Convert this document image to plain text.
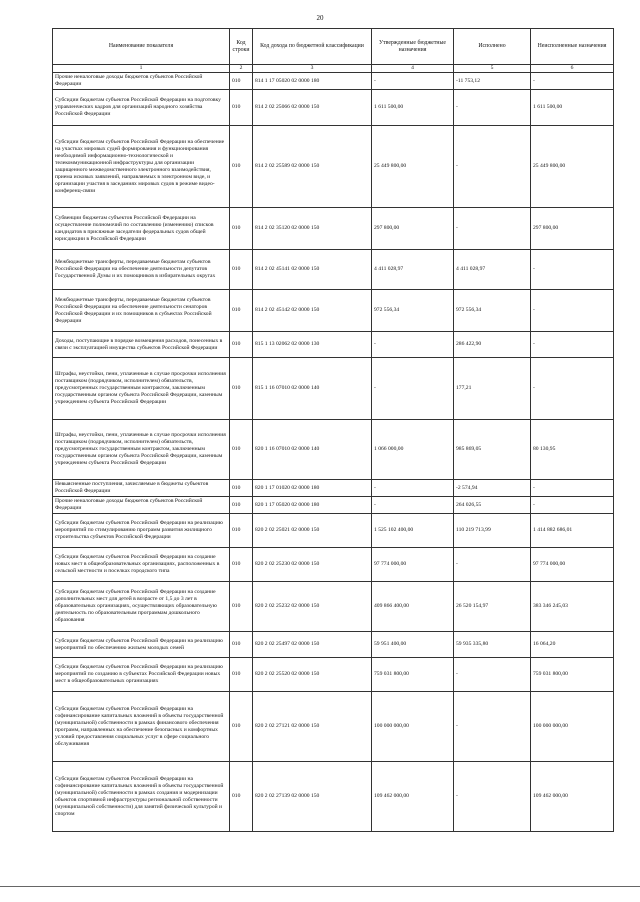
20
Наименование показателя	Код строки	Код дохода по бюджетной классификации	Утвержденные бюджетные назначения	Исполнено	Неисполненные назначения
1	2	3	4	5	6
Прочие неналоговые доходы бюджетов субъектов Российской Федерации	010	814 1 17 05020 02 0000 180	-	-11 753,12	-
Субсидии бюджетам субъектов Российской Федерации на подготовку управленческих кадров для организаций народного хозяйства Российской Федерации	010	814 2 02 25066 02 0000 150	1 611 500,00	-	1 611 500,00
Субсидии бюджетам субъектов Российской Федерации на обеспечение на участках мировых судей формирования и функционирования необходимой информационно-технологической и телекоммуникационной инфраструктуры для организации защищенного межведомственного электронного взаимодействия, приема исковых заявлений, направляемых в электронном виде, и организации участия в заседаниях мировых судов в режиме видео-конференц-связи	010	814 2 02 25589 02 0000 150	25 449 800,00	-	25 449 800,00
Субвенции бюджетам субъектов Российской Федерации на осуществление полномочий по составлению (изменению) списков кандидатов в присяжные заседатели федеральных судов общей юрисдикции в Российской Федерации	010	814 2 02 35120 02 0000 150	297 800,00	-	297 800,00
Межбюджетные трансферты, передаваемые бюджетам субъектов Российской Федерации на обеспечение деятельности депутатов Государственной Думы и их помощников в избирательных округах	010	814 2 02 45141 02 0000 150	4 411 028,97	4 411 028,97	-
Межбюджетные трансферты, передаваемые бюджетам субъектов Российской Федерации на обеспечение деятельности сенаторов Российской Федерации и их помощников в субъектах Российской Федерации	010	814 2 02 45142 02 0000 150	972 556,34	972 556,34	-
Доходы, поступающие в порядке возмещения расходов, понесенных в связи с эксплуатацией имущества субъектов Российской Федерации	010	815 1 13 02062 02 0000 130	-	286 422,90	-
Штрафы, неустойки, пени, уплаченные в случае просрочки исполнения поставщиком (подрядчиком, исполнителем) обязательств, предусмотренных государственным контрактом, заключенным государственным органом субъекта Российской Федерации, казенным учреждением субъекта Российской Федерации	010	815 1 16 07010 02 0000 140	-	177,21	-
Штрафы, неустойки, пени, уплаченные в случае просрочки исполнения поставщиком (подрядчиком, исполнителем) обязательств, предусмотренных государственным контрактом, заключенным государственным органом субъекта Российской Федерации, казенным учреждением субъекта Российской Федерации	010	820 1 16 07010 02 0000 140	1 066 000,00	985 869,05	80 130,95
Невыясненные поступления, зачисляемые в бюджеты субъектов Российской Федерации	010	820 1 17 01020 02 0000 180	-	-2 574,94	-
Прочие неналоговые доходы бюджетов субъектов Российской Федерации	010	820 1 17 05020 02 0000 180	-	264 026,55	-
Субсидии бюджетам субъектов Российской Федерации на реализацию мероприятий по стимулированию программ развития жилищного строительства субъектов Российской Федерации	010	820 2 02 25021 02 0000 150	1 525 102 400,00	110 219 713,99	1 414 882 686,01
Субсидии бюджетам субъектов Российской Федерации на создание новых мест в общеобразовательных организациях, расположенных в сельской местности и поселках городского типа	010	820 2 02 25230 02 0000 150	97 774 000,00	-	97 774 000,00
Субсидии бюджетам субъектов Российской Федерации на создание дополнительных мест для детей в возрасте от 1,5 до 3 лет в образовательных организациях, осуществляющих образовательную деятельность по образовательным программам дошкольного образования	010	820 2 02 25232 02 0000 150	409 866 400,00	26 520 154,97	383 346 245,03
Субсидии бюджетам субъектов Российской Федерации на реализацию мероприятий по обеспечению жильем молодых семей	010	820 2 02 25497 02 0000 150	59 951 400,00	59 935 335,80	16 064,20
Субсидии бюджетам субъектов Российской Федерации на реализацию мероприятий по созданию в субъектах Российской Федерации новых мест в общеобразовательных организациях	010	820 2 02 25520 02 0000 150	759 031 800,00	-	759 031 800,00
Субсидии бюджетам субъектов Российской Федерации на софинансирование капитальных вложений в объекты государственной (муниципальной) собственности в рамках финансового обеспечения программ, направленных на обеспечение безопасных и комфортных условий предоставления социальных услуг в сфере социального обслуживания	010	820 2 02 27121 02 0000 150	100 000 000,00	-	100 000 000,00
Субсидии бюджетам субъектов Российской Федерации на софинансирование капитальных вложений в объекты государственной (муниципальной) собственности в рамках создания и модернизации объектов спортивной инфраструктуры региональной собственности (муниципальной собственности) для занятий физической культурой и спортом	010	820 2 02 27139 02 0000 150	109 462 000,00	-	109 462 000,00
